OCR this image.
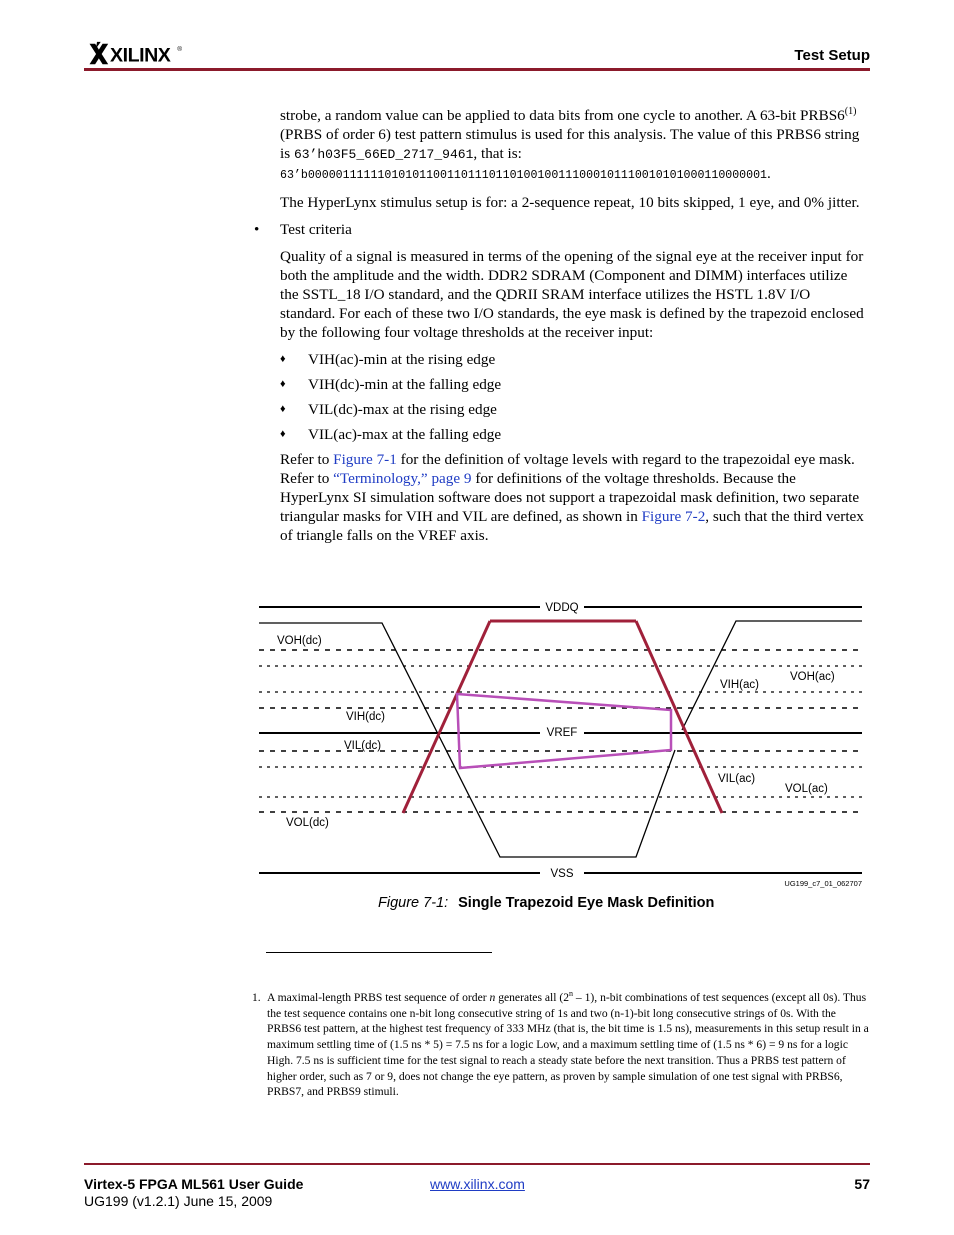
XILINX ®	Test Setup

strobe, a random value can be applied to data bits from one cycle to another. A 63-bit PRBS6$^{(1)}$ (PRBS of order 6) test pattern stimulus is used for this analysis. The value of this PRBS6 string is 63’h03F5_66ED_2717_9461, that is:
63’b000001111110101011001101110110100100111000101110010101000110000001.

The HyperLynx stimulus setup is for: a 2-sequence repeat, 10 bits skipped, 1 eye, and 0% jitter.

• Test criteria

Quality of a signal is measured in terms of the opening of the signal eye at the receiver input for both the amplitude and the width. DDR2 SDRAM (Component and DIMM) interfaces utilize the SSTL_18 I/O standard, and the QDRII SRAM interface utilizes the HSTL 1.8V I/O standard. For each of these two I/O standards, the eye mask is defined by the trapezoid enclosed by the following four voltage thresholds at the receiver input:

♦ VIH(ac)-min at the rising edge
♦ VIH(dc)-min at the falling edge
♦ VIL(dc)-max at the rising edge
♦ VIL(ac)-max at the falling edge

Refer to Figure 7-1 for the definition of voltage levels with regard to the trapezoidal eye mask. Refer to “Terminology,” page 9 for definitions of the voltage thresholds. Because the HyperLynx SI simulation software does not support a trapezoidal mask definition, two separate triangular masks for VIH and VIL are defined, as shown in Figure 7-2, such that the third vertex of triangle falls on the VREF axis.

VDDQ
VOH(dc)
VOH(ac)
VIH(ac)
VIH(dc)
VREF
VIL(dc)
VIL(ac)
VOL(ac)
VOL(dc)
VSS
UG199_c7_01_062707
Figure 7-1: Single Trapezoid Eye Mask Definition
1. A maximal-length PRBS test sequence of order n generates all (2$^n$ – 1), n-bit combinations of test sequences (except all 0s). Thus the test sequence contains one n-bit long consecutive string of 1s and two (n-1)-bit long consecutive strings of 0s. With the PRBS6 test pattern, at the highest test frequency of 333 MHz (that is, the bit time is 1.5 ns), measurements in this setup result in a maximum settling time of (1.5 ns * 5) = 7.5 ns for a logic Low, and a maximum settling time of (1.5 ns * 6) = 9 ns for a logic High. 7.5 ns is sufficient time for the test signal to reach a steady state before the next transition. Thus a PRBS test pattern of higher order, such as 7 or 9, does not change the eye pattern, as proven by sample simulation of one test signal with PRBS6, PRBS7, and PRBS9 stimuli.
Virtex-5 FPGA ML561 User Guide
UG199 (v1.2.1) June 15, 2009
www.xilinx.com	57
